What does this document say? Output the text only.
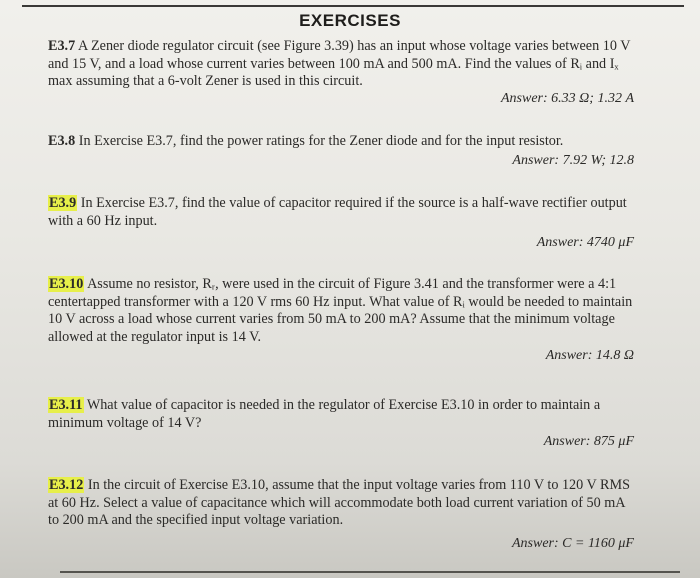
EXERCISES
E3.7 A Zener diode regulator circuit (see Figure 3.39) has an input whose voltage varies between 10 V and 15 V, and a load whose current varies between 100 mA and 500 mA. Find the values of Rᵢ and Iₓ max assuming that a 6-volt Zener is used in this circuit.
Answer: 6.33 Ω; 1.32 A
E3.8 In Exercise E3.7, find the power ratings for the Zener diode and for the input resistor.
Answer: 7.92 W; 12.8
E3.9 In Exercise E3.7, find the value of capacitor required if the source is a half-wave rectifier output with a 60 Hz input.
Answer: 4740 μF
E3.10 Assume no resistor, Rᵣ, were used in the circuit of Figure 3.41 and the transformer were a 4:1 centertapped transformer with a 120 V rms 60 Hz input. What value of Rᵢ would be needed to maintain 10 V across a load whose current varies from 50 mA to 200 mA? Assume that the minimum voltage allowed at the regulator input is 14 V.
Answer: 14.8 Ω
E3.11 What value of capacitor is needed in the regulator of Exercise E3.10 in order to maintain a minimum voltage of 14 V?
Answer: 875 μF
E3.12 In the circuit of Exercise E3.10, assume that the input voltage varies from 110 V to 120 V RMS at 60 Hz. Select a value of capacitance which will accommodate both load current variation of 50 mA to 200 mA and the specified input voltage variation.
Answer: C = 1160 μF
